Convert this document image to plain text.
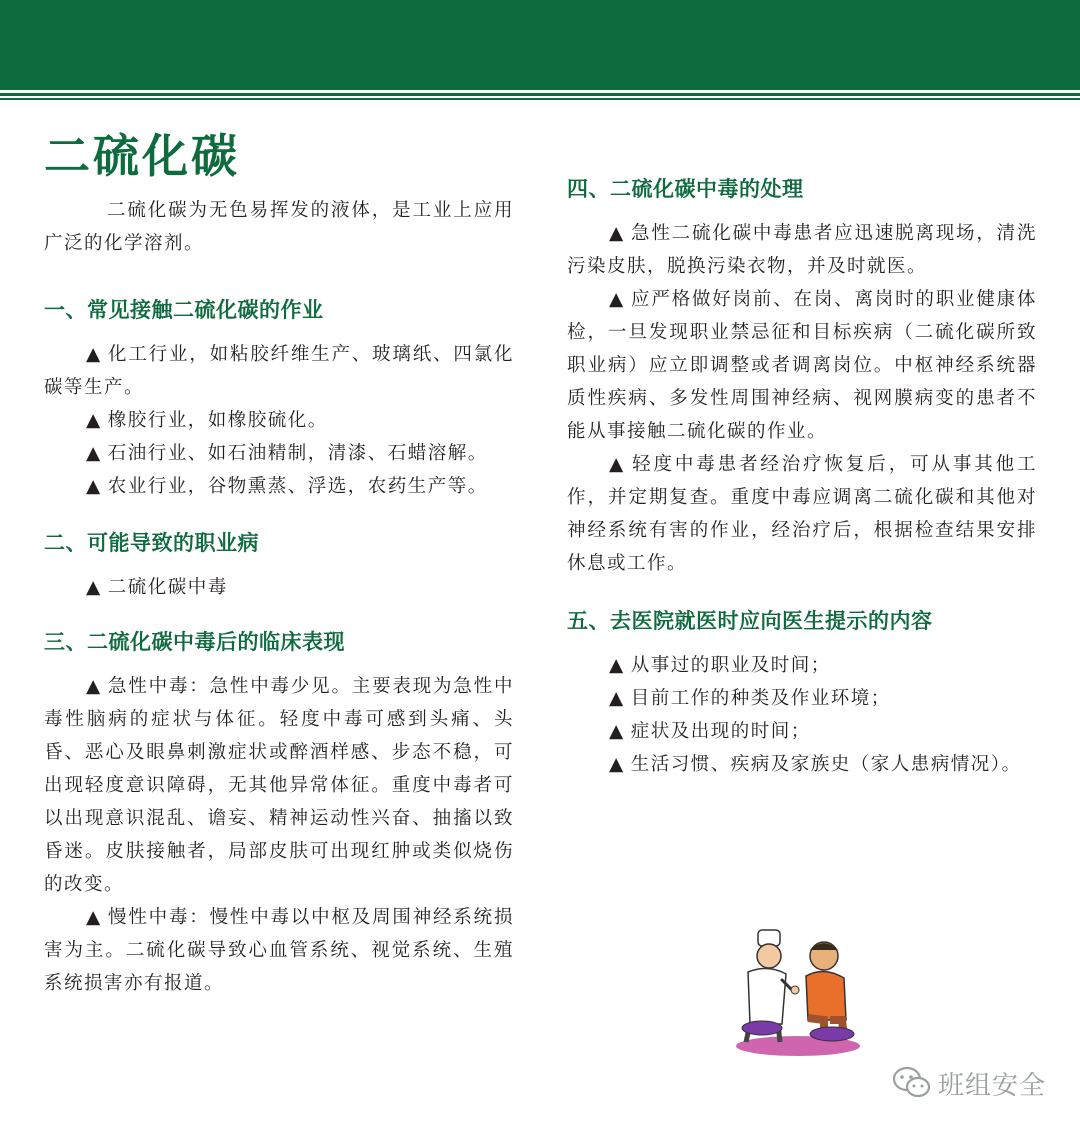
二硫化碳

二硫化碳为无色易挥发的液体，是工业上应用广泛的化学溶剂。

一、常见接触二硫化碳的作业

▲ 化工行业，如粘胶纤维生产、玻璃纸、四氯化碳等生产。

▲ 橡胶行业，如橡胶硫化。

▲ 石油行业、如石油精制，清漆、石蜡溶解。

▲ 农业行业，谷物熏蒸、浮选，农药生产等。

二、可能导致的职业病

▲ 二硫化碳中毒

三、二硫化碳中毒后的临床表现

▲ 急性中毒：急性中毒少见。主要表现为急性中毒性脑病的症状与体征。轻度中毒可感到头痛、头昏、恶心及眼鼻刺激症状或醉酒样感、步态不稳，可出现轻度意识障碍，无其他异常体征。重度中毒者可以出现意识混乱、谵妄、精神运动性兴奋、抽搐以致昏迷。皮肤接触者，局部皮肤可出现红肿或类似烧伤的改变。

▲ 慢性中毒：慢性中毒以中枢及周围神经系统损害为主。二硫化碳导致心血管系统、视觉系统、生殖系统损害亦有报道。

四、二硫化碳中毒的处理

▲ 急性二硫化碳中毒患者应迅速脱离现场，清洗污染皮肤，脱换污染衣物，并及时就医。

▲ 应严格做好岗前、在岗、离岗时的职业健康体检，一旦发现职业禁忌征和目标疾病（二硫化碳所致职业病）应立即调整或者调离岗位。中枢神经系统器质性疾病、多发性周围神经病、视网膜病变的患者不能从事接触二硫化碳的作业。

▲ 轻度中毒患者经治疗恢复后，可从事其他工作，并定期复查。重度中毒应调离二硫化碳和其他对神经系统有害的作业，经治疗后，根据检查结果安排休息或工作。

五、去医院就医时应向医生提示的内容

▲ 从事过的职业及时间；

▲ 目前工作的种类及作业环境；

▲ 症状及出现的时间；

▲ 生活习惯、疾病及家族史（家人患病情况）。

班组安全
